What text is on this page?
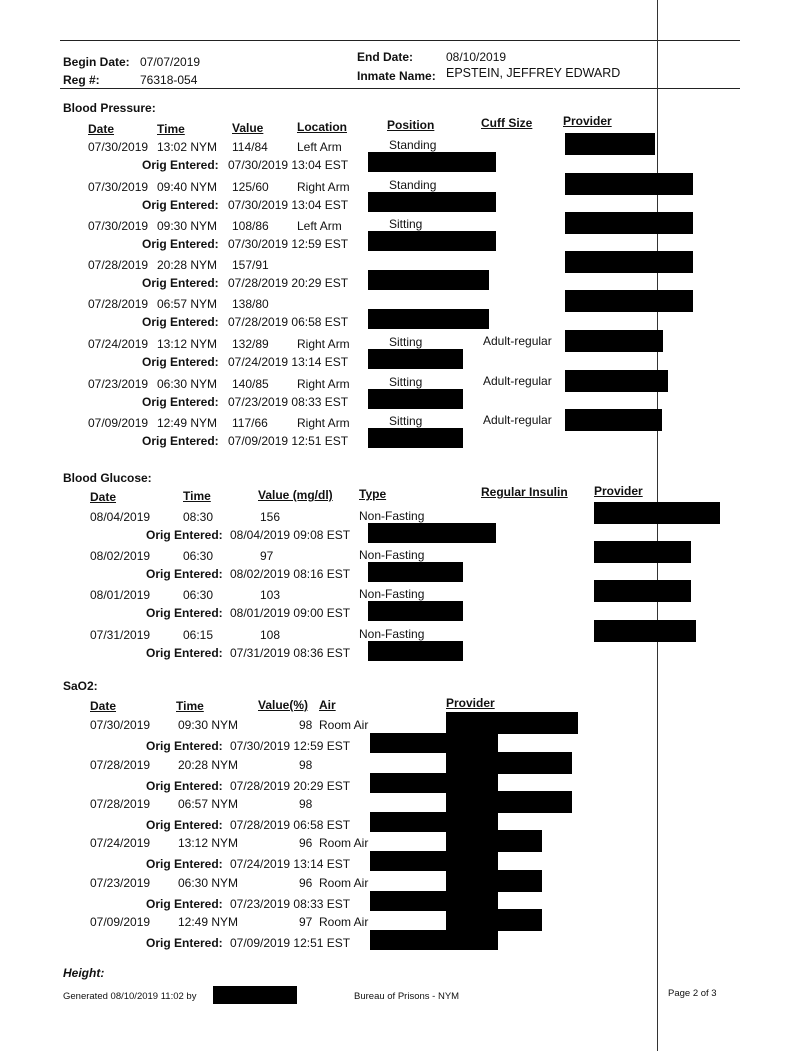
Begin Date: 07/07/2019	End Date:	08/10/2019
Reg #:	76318-054	Inmate Name: EPSTEIN, JEFFREY EDWARD
Blood Pressure:
Date	Time	Value	Location	Position	Cuff Size	Provider
07/30/2019 13:02 NYM 114/84 Left Arm	Standing
Orig Entered: 07/30/2019 13:04 EST
07/30/2019 09:40 NYM 125/60 Right Arm	Standing
Orig Entered: 07/30/2019 13:04 EST
07/30/2019 09:30 NYM 108/86 Left Arm	Sitting
Orig Entered: 07/30/2019 12:59 EST
07/28/2019 20:28 NYM 157/91
Orig Entered: 07/28/2019 20:29 EST
07/28/2019 06:57 NYM 138/80
Orig Entered: 07/28/2019 06:58 EST
07/24/2019 13:12 NYM 132/89 Right Arm	Sitting	Adult-regular
Orig Entered: 07/24/2019 13:14 EST
07/23/2019 06:30 NYM 140/85 Right Arm	Sitting	Adult-regular
Orig Entered: 07/23/2019 08:33 EST
07/09/2019 12:49 NYM 117/66 Right Arm	Sitting	Adult-regular
Orig Entered: 07/09/2019 12:51 EST
Blood Glucose:
Date	Time	Value (mg/dl) Type	Regular Insulin Provider
08/04/2019	08:30	156	Non-Fasting
Orig Entered: 08/04/2019 09:08 EST
08/02/2019	06:30	97	Non-Fasting
Orig Entered: 08/02/2019 08:16 EST
08/01/2019	06:30	103	Non-Fasting
Orig Entered: 08/01/2019 09:00 EST
07/31/2019	06:15	108	Non-Fasting
Orig Entered: 07/31/2019 08:36 EST
SaO2:
Date	Time	Value(%) Air	Provider
07/30/2019 09:30 NYM	98 Room Air
Orig Entered: 07/30/2019 12:59 EST
07/28/2019 20:28 NYM	98
Orig Entered: 07/28/2019 20:29 EST
07/28/2019 06:57 NYM	98
Orig Entered: 07/28/2019 06:58 EST
07/24/2019 13:12 NYM	96 Room Air
Orig Entered: 07/24/2019 13:14 EST
07/23/2019 06:30 NYM	96 Room Air
Orig Entered: 07/23/2019 08:33 EST
07/09/2019 12:49 NYM	97 Room Air
Orig Entered: 07/09/2019 12:51 EST
Height:
Generated 08/10/2019 11:02 by	Bureau of Prisons - NYM	Page 2 of 3
